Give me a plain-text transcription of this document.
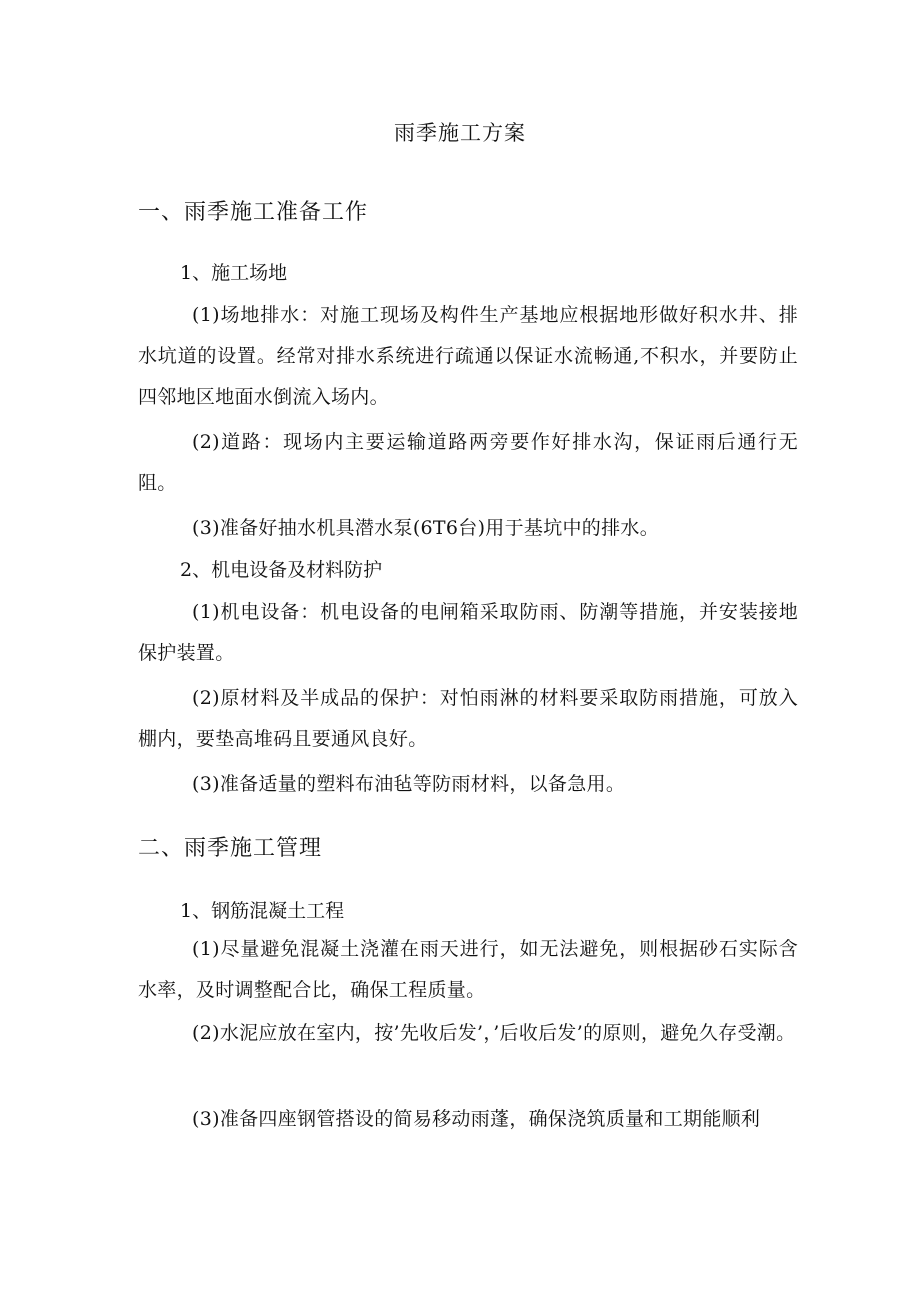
雨季施工方案
一、雨季施工准备工作
1、施工场地
(1)场地排水：对施工现场及构件生产基地应根据地形做好积水井、排水坑道的设置。经常对排水系统进行疏通以保证水流畅通,不积水，并要防止四邻地区地面水倒流入场内。
(2)道路：现场内主要运输道路两旁要作好排水沟，保证雨后通行无阻。
(3)准备好抽水机具潜水泵(6T6台)用于基坑中的排水。
2、机电设备及材料防护
(1)机电设备：机电设备的电闸箱采取防雨、防潮等措施，并安装接地保护装置。
(2)原材料及半成品的保护：对怕雨淋的材料要采取防雨措施，可放入棚内，要垫高堆码且要通风良好。
(3)准备适量的塑料布油毡等防雨材料，以备急用。
二、雨季施工管理
1、钢筋混凝土工程
(1)尽量避免混凝土浇灌在雨天进行，如无法避免，则根据砂石实际含水率，及时调整配合比，确保工程质量。
(2)水泥应放在室内，按’先收后发’，’后收后发’的原则，避免久存受潮。
(3)准备四座钢管搭设的简易移动雨蓬，确保浇筑质量和工期能顺利
